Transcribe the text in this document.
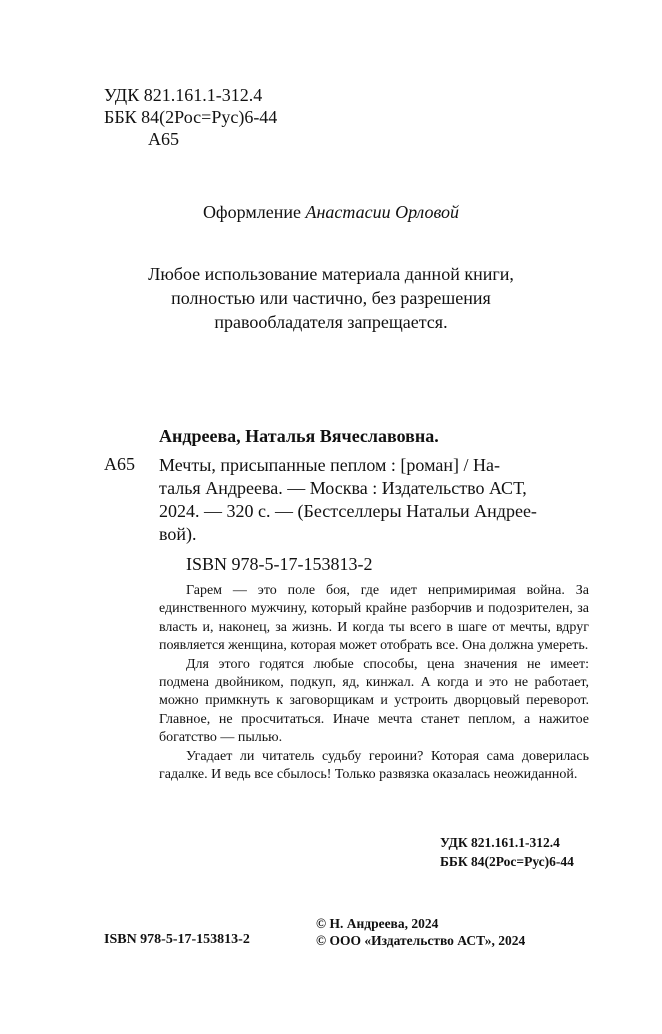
УДК 821.161.1-312.4
ББК 84(2Рос=Рус)6-44
А65
Оформление Анастасии Орловой
Любое использование материала данной книги,
полностью или частично, без разрешения
правообладателя запрещается.
Андреева, Наталья Вячеславовна.
А65 Мечты, присыпанные пеплом : [роман] / На-
талья Андреева. — Москва : Издательство АСТ,
2024. — 320 с. — (Бестселлеры Натальи Андрее-
вой).
ISBN 978-5-17-153813-2

Гарем — это поле боя, где идет непримиримая война. За единственного мужчину, который крайне разборчив и подозрителен, за власть и, наконец, за жизнь. И когда ты всего в шаге от мечты, вдруг появляется женщина, которая может отобрать все. Она должна умереть.

Для этого годятся любые способы, цена значения не имеет: подмена двойником, подкуп, яд, кинжал. А когда и это не работает, можно примкнуть к заговорщикам и устроить дворцовый переворот. Главное, не просчитаться. Иначе мечта станет пеплом, а нажитое богатство — пылью.

Угадает ли читатель судьбу героини? Которая сама доверилась гадалке. И ведь все сбылось! Только развязка оказалась неожиданной.

УДК 821.161.1-312.4
ББК 84(2Рос=Рус)6-44
ISBN 978-5-17-153813-2
© Н. Андреева, 2024
© ООО «Издательство АСТ», 2024
